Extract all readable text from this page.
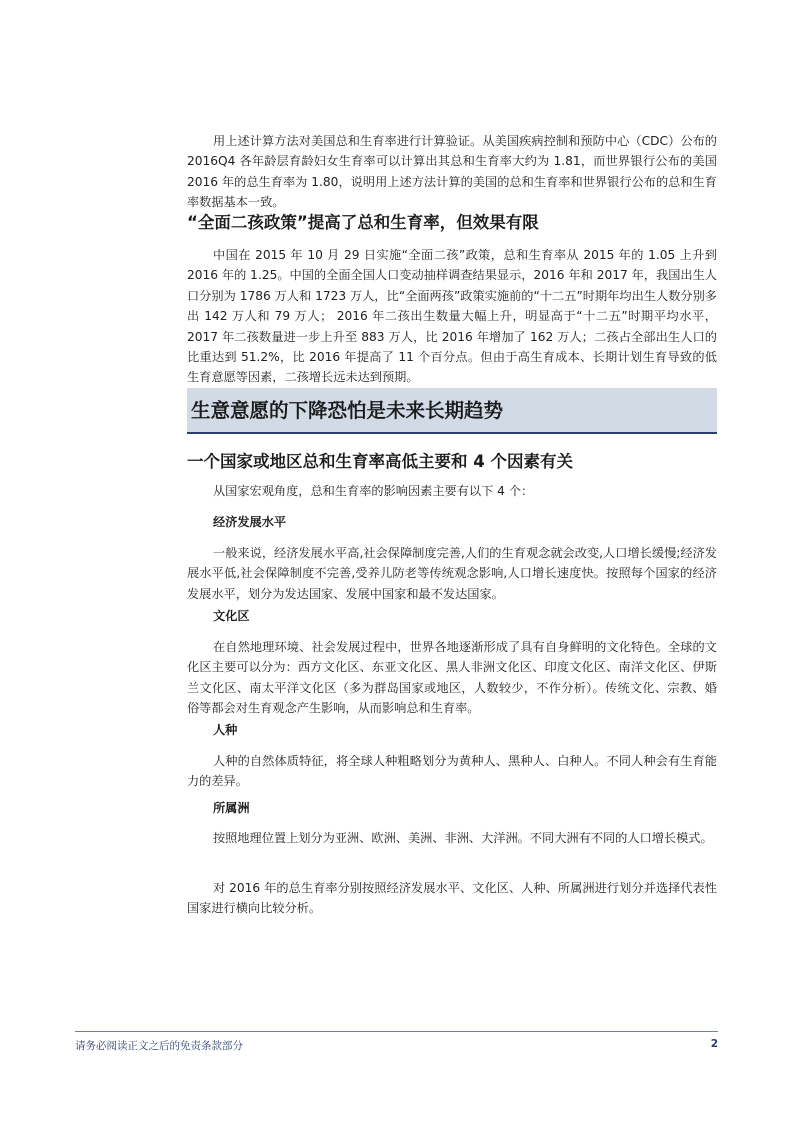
用上述计算方法对美国总和生育率进行计算验证。从美国疾病控制和预防中心（CDC）公布的 2016Q4 各年龄层育龄妇女生育率可以计算出其总和生育率大约为 1.81，而世界银行公布的美国 2016 年的总生育率为 1.80，说明用上述方法计算的美国的总和生育率和世界银行公布的总和生育率数据基本一致。

“全面二孩政策”提高了总和生育率，但效果有限

中国在 2015 年 10 月 29 日实施“全面二孩”政策，总和生育率从 2015 年的 1.05 上升到 2016 年的 1.25。中国的全面全国人口变动抽样调查结果显示，2016 年和 2017 年，我国出生人口分别为 1786 万人和 1723 万人，比“全面两孩”政策实施前的“十二五”时期年均出生人数分别多出 142 万人和 79 万人； 2016 年二孩出生数量大幅上升，明显高于“十二五”时期平均水平，2017 年二孩数量进一步上升至 883 万人，比 2016 年增加了 162 万人；二孩占全部出生人口的比重达到 51.2%，比 2016 年提高了 11 个百分点。但由于高生育成本、长期计划生育导致的低生育意愿等因素，二孩增长远未达到预期。

生意意愿的下降恐怕是未来长期趋势
一个国家或地区总和生育率高低主要和 4 个因素有关

从国家宏观角度，总和生育率的影响因素主要有以下 4 个：

经济发展水平

一般来说，经济发展水平高,社会保障制度完善,人们的生育观念就会改变,人口增长缓慢;经济发展水平低,社会保障制度不完善,受养儿防老等传统观念影响,人口增长速度快。按照每个国家的经济发展水平，划分为发达国家、发展中国家和最不发达国家。

文化区

在自然地理环境、社会发展过程中，世界各地逐渐形成了具有自身鲜明的文化特色。全球的文化区主要可以分为：西方文化区、东亚文化区、黑人非洲文化区、印度文化区、南洋文化区、伊斯兰文化区、南太平洋文化区（多为群岛国家或地区，人数较少，不作分析）。传统文化、宗教、婚俗等都会对生育观念产生影响，从而影响总和生育率。

人种

人种的自然体质特征，将全球人种粗略划分为黄种人、黑种人、白种人。不同人种会有生育能力的差异。

所属洲

按照地理位置上划分为亚洲、欧洲、美洲、非洲、大洋洲。不同大洲有不同的人口增长模式。

对 2016 年的总生育率分别按照经济发展水平、文化区、人种、所属洲进行划分并选择代表性国家进行横向比较分析。

请务必阅读正文之后的免责条款部分	2
